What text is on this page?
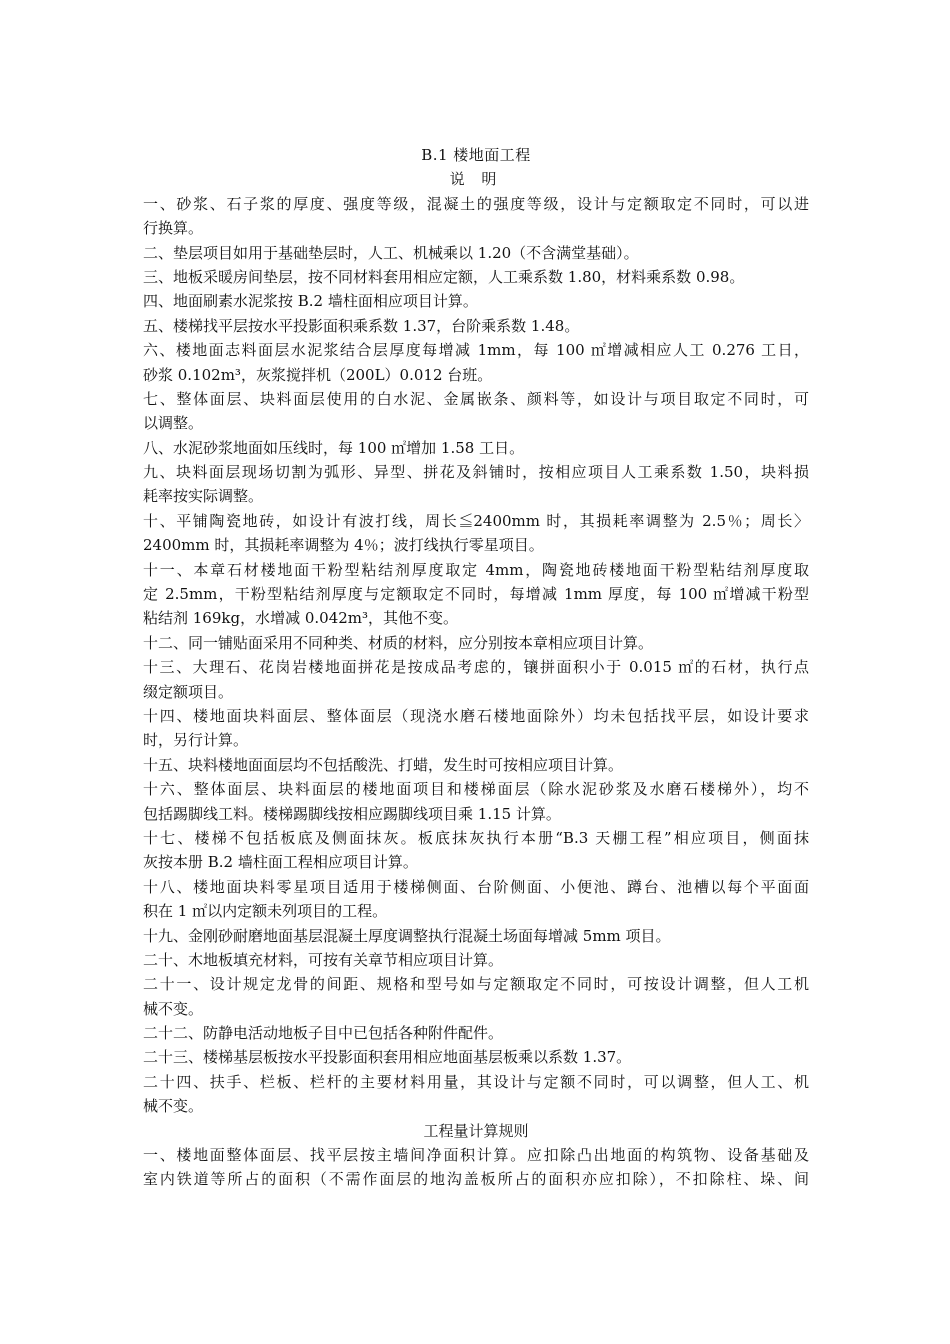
B.1 楼地面工程
说 明
一、砂浆、石子浆的厚度、强度等级，混凝土的强度等级，设计与定额取定不同时，可以进
行换算。
二、垫层项目如用于基础垫层时，人工、机械乘以 1.20（不含满堂基础）。
三、地板采暖房间垫层，按不同材料套用相应定额，人工乘系数 1.80，材料乘系数 0.98。
四、地面刷素水泥浆按 B.2 墙柱面相应项目计算。
五、楼梯找平层按水平投影面积乘系数 1.37，台阶乘系数 1.48。
六、楼地面志料面层水泥浆结合层厚度每增减 1mm，每 100 ㎡增减相应人工 0.276 工日，
砂浆 0.102m³，灰浆搅拌机（200L）0.012 台班。
七、整体面层、块料面层使用的白水泥、金属嵌条、颜料等，如设计与项目取定不同时，可
以调整。
八、水泥砂浆地面如压线时，每 100 ㎡增加 1.58 工日。
九、块料面层现场切割为弧形、异型、拼花及斜铺时，按相应项目人工乘系数 1.50，块料损
耗率按实际调整。
十、平铺陶瓷地砖，如设计有波打线，周长≦2400mm 时，其损耗率调整为 2.5％；周长〉
2400mm 时，其损耗率调整为 4％；波打线执行零星项目。
十一、本章石材楼地面干粉型粘结剂厚度取定 4mm，陶瓷地砖楼地面干粉型粘结剂厚度取
定 2.5mm，干粉型粘结剂厚度与定额取定不同时，每增减 1mm 厚度，每 100 ㎡增减干粉型
粘结剂 169kg，水增减 0.042m³，其他不变。
十二、同一铺贴面采用不同种类、材质的材料，应分别按本章相应项目计算。
十三、大理石、花岗岩楼地面拼花是按成品考虑的，镶拼面积小于 0.015 ㎡的石材，执行点
缀定额项目。
十四、楼地面块料面层、整体面层（现浇水磨石楼地面除外）均未包括找平层，如设计要求
时，另行计算。
十五、块料楼地面面层均不包括酸洗、打蜡，发生时可按相应项目计算。
十六、整体面层、块料面层的楼地面项目和楼梯面层（除水泥砂浆及水磨石楼梯外），均不
包括踢脚线工料。楼梯踢脚线按相应踢脚线项目乘 1.15 计算。
十七、楼梯不包括板底及侧面抹灰。板底抹灰执行本册“B.3 天棚工程”相应项目，侧面抹
灰按本册 B.2 墙柱面工程相应项目计算。
十八、楼地面块料零星项目适用于楼梯侧面、台阶侧面、小便池、蹲台、池槽以每个平面面
积在 1 ㎡以内定额未列项目的工程。
十九、金刚砂耐磨地面基层混凝土厚度调整执行混凝土场面每增减 5mm 项目。
二十、木地板填充材料，可按有关章节相应项目计算。
二十一、设计规定龙骨的间距、规格和型号如与定额取定不同时，可按设计调整，但人工机
械不变。
二十二、防静电活动地板子目中已包括各种附件配件。
二十三、楼梯基层板按水平投影面积套用相应地面基层板乘以系数 1.37。
二十四、扶手、栏板、栏杆的主要材料用量，其设计与定额不同时，可以调整，但人工、机
械不变。
工程量计算规则
一、楼地面整体面层、找平层按主墙间净面积计算。应扣除凸出地面的构筑物、设备基础及
室内铁道等所占的面积（不需作面层的地沟盖板所占的面积亦应扣除），不扣除柱、垛、间
